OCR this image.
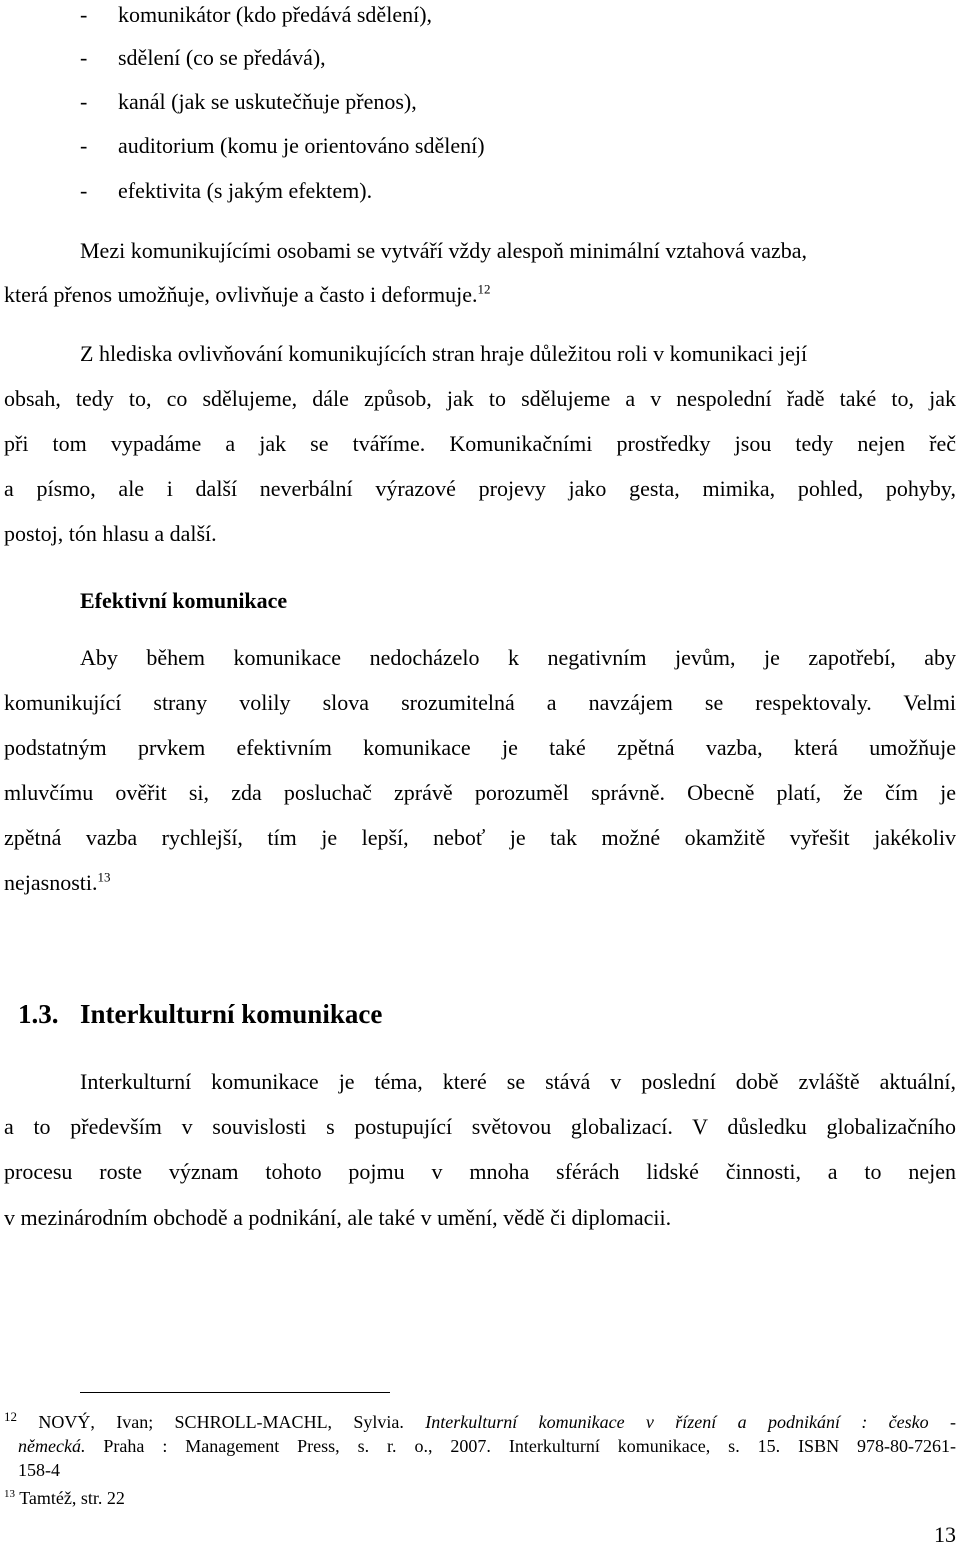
- komunikátor (kdo předává sdělení),
- sdělení (co se předává),
- kanál (jak se uskutečňuje přenos),
- auditorium (komu je orientováno sdělení)
- efektivita (s jakým efektem).
Mezi komunikujícími osobami se vytváří vždy alespoň minimální vztahová vazba,
která přenos umožňuje, ovlivňuje a často i deformuje.$^{12}$
Z hlediska ovlivňování komunikujících stran hraje důležitou roli v komunikaci její
obsah, tedy to, co sdělujeme, dále způsob, jak to sdělujeme a v nespolední řadě také to, jak
při tom vypadáme a jak se tváříme. Komunikačními prostředky jsou tedy nejen řeč
a písmo, ale i další neverbální výrazové projevy jako gesta, mimika, pohled, pohyby,
postoj, tón hlasu a další.
Efektivní komunikace
Aby během komunikace nedocházelo k negativním jevům, je zapotřebí, aby
komunikující strany volily slova srozumitelná a navzájem se respektovaly. Velmi
podstatným prvkem efektivním komunikace je také zpětná vazba, která umožňuje
mluvčímu ověřit si, zda posluchač zprávě porozuměl správně. Obecně platí, že čím je
zpětná vazba rychlejší, tím je lepší, neboť je tak možné okamžitě vyřešit jakékoliv
nejasnosti.$^{13}$
1.3. Interkulturní komunikace
Interkulturní komunikace je téma, které se stává v poslední době zvláště aktuální,
a to především v souvislosti s postupující světovou globalizací. V důsledku globalizačního
procesu roste význam tohoto pojmu v mnoha sférách lidské činnosti, a to nejen
v mezinárodním obchodě a podnikání, ale také v umění, vědě či diplomacii.
$^{12}$ NOVÝ, Ivan; SCHROLL-MACHL, Sylvia. Interkulturní komunikace v řízení a podnikání : česko -
německá. Praha : Management Press, s. r. o., 2007. Interkulturní komunikace, s. 15. ISBN 978-80-7261-
158-4
$^{13}$ Tamtéž, str. 22
13
